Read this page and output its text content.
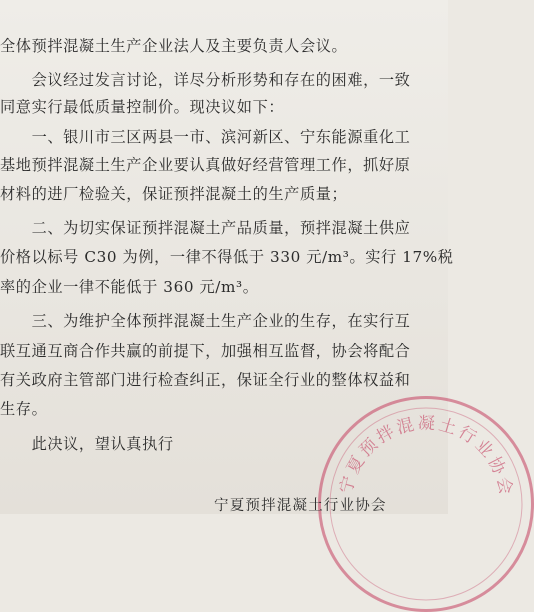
全体预拌混凝土生产企业法人及主要负责人会议。
　　会议经过发言讨论，详尽分析形势和存在的困难，一致
同意实行最低质量控制价。现决议如下：
　　一、银川市三区两县一市、滨河新区、宁东能源重化工
基地预拌混凝土生产企业要认真做好经营管理工作，抓好原
材料的进厂检验关，保证预拌混凝土的生产质量；
　　二、为切实保证预拌混凝土产品质量，预拌混凝土供应
价格以标号 C30 为例，一律不得低于 330 元/m³。实行 17%税
率的企业一律不能低于 360 元/m³。
　　三、为维护全体预拌混凝土生产企业的生存，在实行互
联互通互商合作共赢的前提下，加强相互监督，协会将配合
有关政府主管部门进行检查纠正，保证全行业的整体权益和
生存。
　　此决议，望认真执行
宁夏预拌混凝土行业协会
宁夏预拌混凝土行业协会
